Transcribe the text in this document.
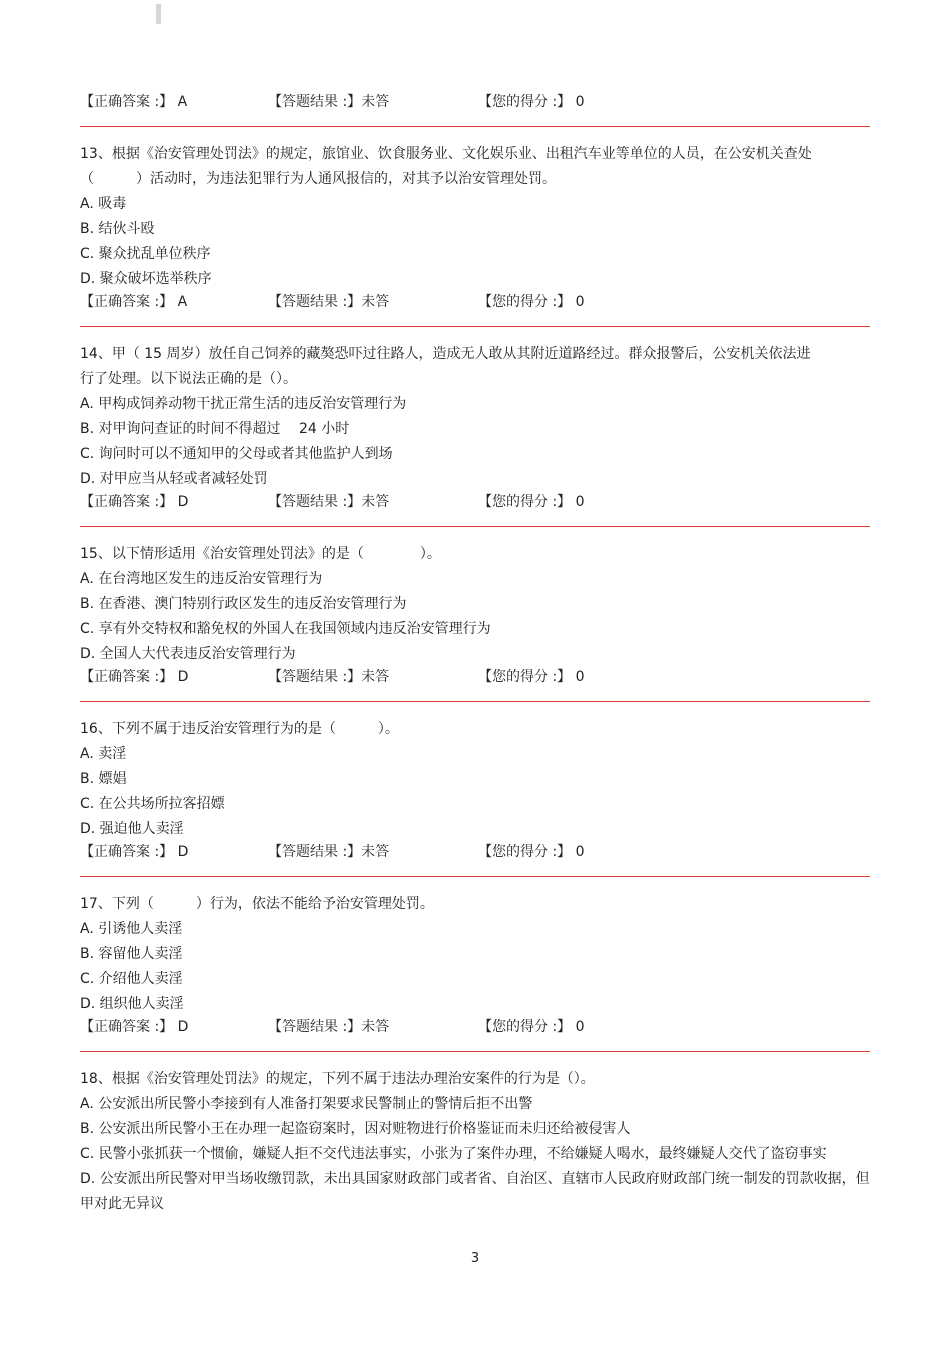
【正确答案 :】 A	【答题结果 :】未答	【您的得分 :】 0
13、根据《治安管理处罚法》的规定，旅馆业、饮食服务业、文化娱乐业、出租汽车业等单位的人员，在公安机关查处（　　　）活动时，为违法犯罪行为人通风报信的，对其予以治安管理处罚。
A. 吸毒
B. 结伙斗殴
C. 聚众扰乱单位秩序
D. 聚众破坏选举秩序
【正确答案 :】 A	【答题结果 :】未答	【您的得分 :】 0
14、甲（ 15 周岁）放任自己饲养的藏獒恐吓过往路人，造成无人敢从其附近道路经过。群众报警后，公安机关依法进行了处理。以下说法正确的是（）。
A. 甲构成饲养动物干扰正常生活的违反治安管理行为
B. 对甲询问查证的时间不得超过　 24 小时
C. 询问时可以不通知甲的父母或者其他监护人到场
D. 对甲应当从轻或者减轻处罚
【正确答案 :】 D	【答题结果 :】未答	【您的得分 :】 0
15、以下情形适用《治安管理处罚法》的是（　　　　）。
A. 在台湾地区发生的违反治安管理行为
B. 在香港、澳门特别行政区发生的违反治安管理行为
C. 享有外交特权和豁免权的外国人在我国领域内违反治安管理行为
D. 全国人大代表违反治安管理行为
【正确答案 :】 D	【答题结果 :】未答	【您的得分 :】 0
16、下列不属于违反治安管理行为的是（　　　）。
A. 卖淫
B. 嫖娼
C. 在公共场所拉客招嫖
D. 强迫他人卖淫
【正确答案 :】 D	【答题结果 :】未答	【您的得分 :】 0
17、下列（　　　）行为，依法不能给予治安管理处罚。
A. 引诱他人卖淫
B. 容留他人卖淫
C. 介绍他人卖淫
D. 组织他人卖淫
【正确答案 :】 D	【答题结果 :】未答	【您的得分 :】 0
18、根据《治安管理处罚法》的规定，下列不属于违法办理治安案件的行为是（）。
A. 公安派出所民警小李接到有人准备打架要求民警制止的警情后拒不出警
B. 公安派出所民警小王在办理一起盗窃案时，因对赃物进行价格鉴证而未归还给被侵害人
C. 民警小张抓获一个惯偷，嫌疑人拒不交代违法事实，小张为了案件办理，不给嫌疑人喝水，最终嫌疑人交代了盗窃事实
D. 公安派出所民警对甲当场收缴罚款，未出具国家财政部门或者省、自治区、直辖市人民政府财政部门统一制发的罚款收据，但甲对此无异议
3
